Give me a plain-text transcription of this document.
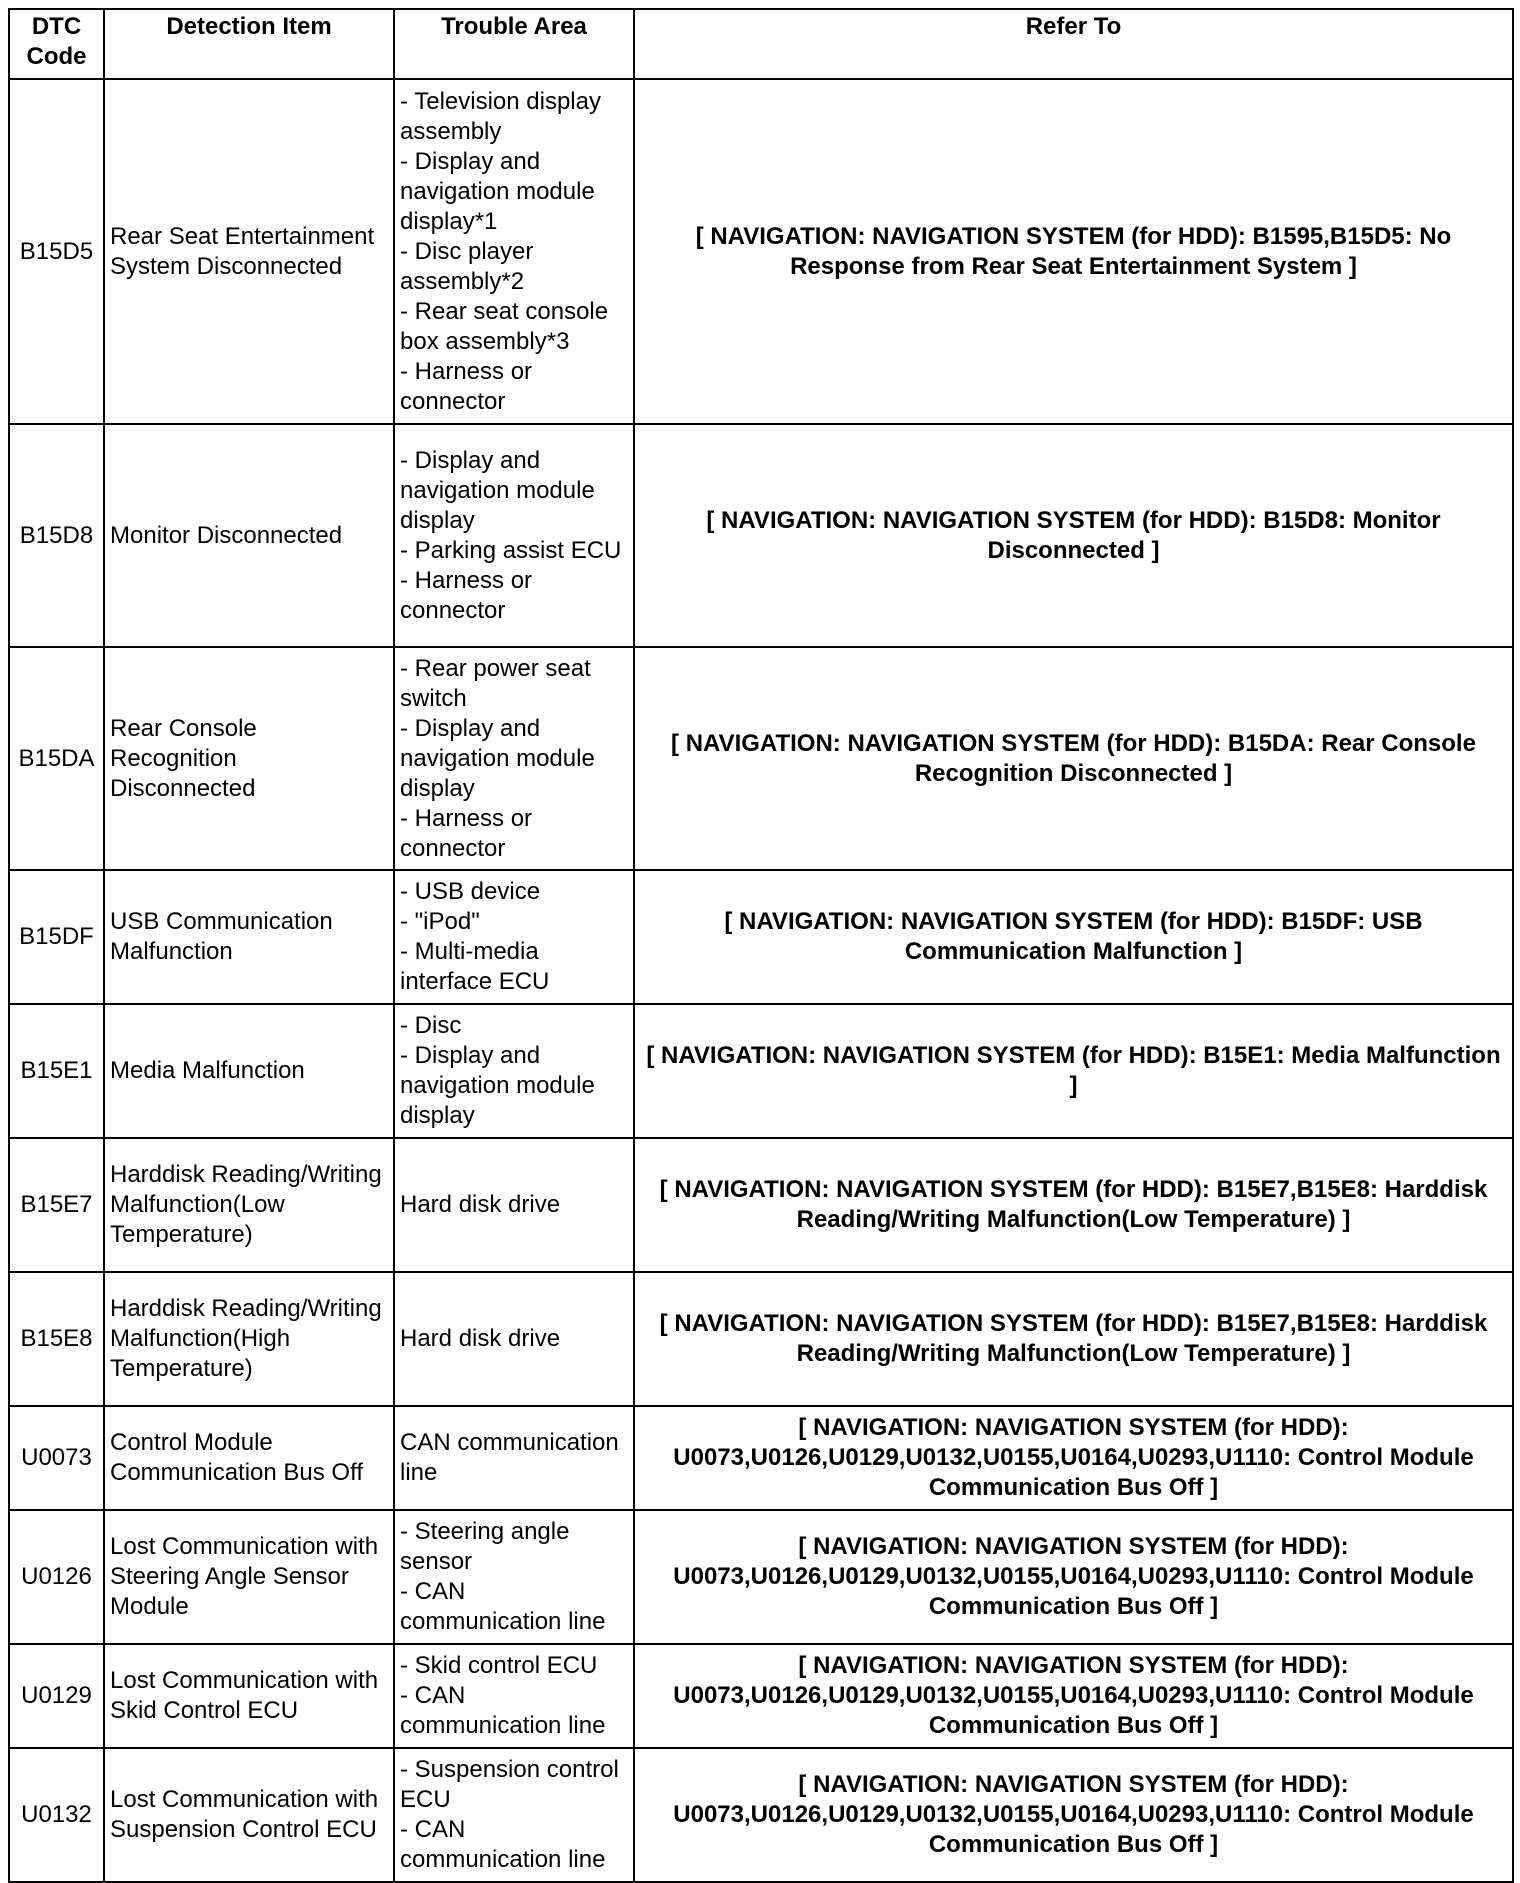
DTC
Code	Detection Item	Trouble Area	Refer To
B15D5	Rear Seat Entertainment System Disconnected	- Television display assembly
- Display and navigation module display*1
- Disc player assembly*2
- Rear seat console box assembly*3
- Harness or connector	[ NAVIGATION: NAVIGATION SYSTEM (for HDD): B1595,B15D5: No Response from Rear Seat Entertainment System ]
B15D8	Monitor Disconnected	- Display and navigation module display
- Parking assist ECU
- Harness or connector	[ NAVIGATION: NAVIGATION SYSTEM (for HDD): B15D8: Monitor Disconnected ]
B15DA	Rear Console Recognition Disconnected	- Rear power seat switch
- Display and navigation module display
- Harness or connector	[ NAVIGATION: NAVIGATION SYSTEM (for HDD): B15DA: Rear Console Recognition Disconnected ]
B15DF	USB Communication Malfunction	- USB device
- "iPod"
- Multi-media interface ECU	[ NAVIGATION: NAVIGATION SYSTEM (for HDD): B15DF: USB Communication Malfunction ]
B15E1	Media Malfunction	- Disc
- Display and navigation module display	[ NAVIGATION: NAVIGATION SYSTEM (for HDD): B15E1: Media Malfunction ]
B15E7	Harddisk Reading/Writing Malfunction(Low Temperature)	Hard disk drive	[ NAVIGATION: NAVIGATION SYSTEM (for HDD): B15E7,B15E8: Harddisk Reading/Writing Malfunction(Low Temperature) ]
B15E8	Harddisk Reading/Writing Malfunction(High Temperature)	Hard disk drive	[ NAVIGATION: NAVIGATION SYSTEM (for HDD): B15E7,B15E8: Harddisk Reading/Writing Malfunction(Low Temperature) ]
U0073	Control Module Communication Bus Off	CAN communication line	[ NAVIGATION: NAVIGATION SYSTEM (for HDD): U0073,U0126,U0129,U0132,U0155,U0164,U0293,U1110: Control Module Communication Bus Off ]
U0126	Lost Communication with Steering Angle Sensor Module	- Steering angle sensor
- CAN communication line	[ NAVIGATION: NAVIGATION SYSTEM (for HDD): U0073,U0126,U0129,U0132,U0155,U0164,U0293,U1110: Control Module Communication Bus Off ]
U0129	Lost Communication with Skid Control ECU	- Skid control ECU
- CAN communication line	[ NAVIGATION: NAVIGATION SYSTEM (for HDD): U0073,U0126,U0129,U0132,U0155,U0164,U0293,U1110: Control Module Communication Bus Off ]
U0132	Lost Communication with Suspension Control ECU	- Suspension control ECU
- CAN communication line	[ NAVIGATION: NAVIGATION SYSTEM (for HDD): U0073,U0126,U0129,U0132,U0155,U0164,U0293,U1110: Control Module Communication Bus Off ]
